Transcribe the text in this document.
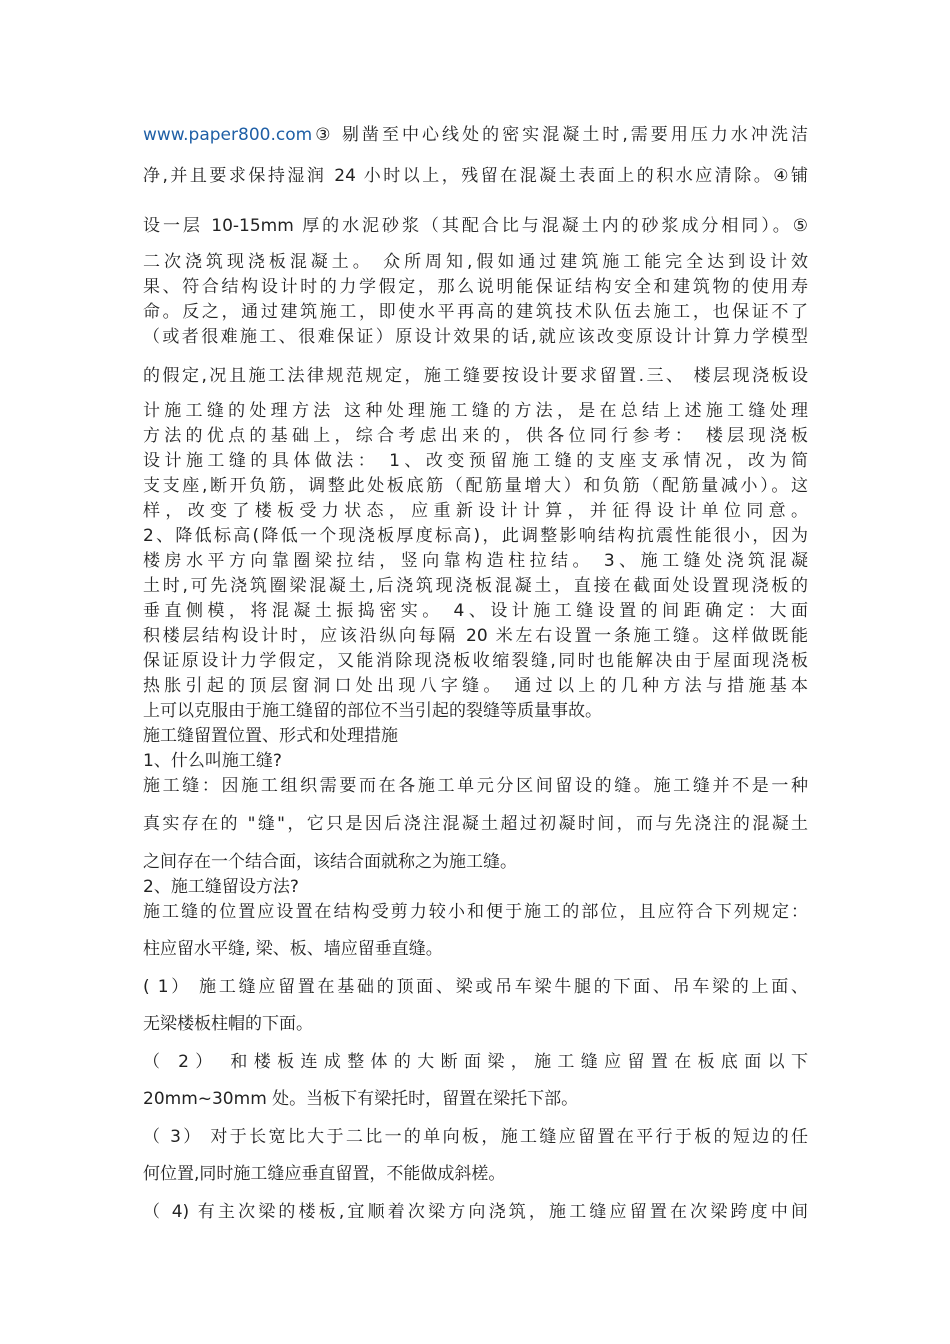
www.paper800.com③ 剔凿至中心线处的密实混凝土时,需要用压力水冲洗洁
净,并且要求保持湿润 24 小时以上，残留在混凝土表面上的积水应清除。④铺
设一层 10-15mm 厚的水泥砂浆（其配合比与混凝土内的砂浆成分相同）。⑤
二次浇筑现浇板混凝土。 众所周知,假如通过建筑施工能完全达到设计效
果、符合结构设计时的力学假定，那么说明能保证结构安全和建筑物的使用寿
命。反之，通过建筑施工，即使水平再高的建筑技术队伍去施工，也保证不了
（或者很难施工、很难保证）原设计效果的话,就应该改变原设计计算力学模型
的假定,况且施工法律规范规定，施工缝要按设计要求留置.三、 楼层现浇板设
计施工缝的处理方法 这种处理施工缝的方法，是在总结上述施工缝处理
方法的优点的基础上，综合考虑出来的，供各位同行参考： 楼层现浇板
设计施工缝的具体做法： 1、改变预留施工缝的支座支承情况，改为简
支支座,断开负筋，调整此处板底筋（配筋量增大）和负筋（配筋量减小）。这
样，改变了楼板受力状态，应重新设计计算，并征得设计单位同意。
2、降低标高(降低一个现浇板厚度标高)，此调整影响结构抗震性能很小，因为
楼房水平方向靠圈梁拉结，竖向靠构造柱拉结。 3、施工缝处浇筑混凝
土时,可先浇筑圈梁混凝土,后浇筑现浇板混凝土，直接在截面处设置现浇板的
垂直侧模，将混凝土振捣密实。 4、设计施工缝设置的间距确定：大面
积楼层结构设计时，应该沿纵向每隔 20 米左右设置一条施工缝。这样做既能
保证原设计力学假定，又能消除现浇板收缩裂缝,同时也能解决由于屋面现浇板
热胀引起的顶层窗洞口处出现八字缝。 通过以上的几种方法与措施基本
上可以克服由于施工缝留的部位不当引起的裂缝等质量事故。
施工缝留置位置、形式和处理措施
1、什么叫施工缝?
施工缝：因施工组织需要而在各施工单元分区间留设的缝。施工缝并不是一种
真实存在的 "缝"，它只是因后浇注混凝土超过初凝时间，而与先浇注的混凝土
之间存在一个结合面，该结合面就称之为施工缝。
2、施工缝留设方法?
施工缝的位置应设置在结构受剪力较小和便于施工的部位，且应符合下列规定：
柱应留水平缝, 梁、板、墙应留垂直缝。
( 1） 施工缝应留置在基础的顶面、梁或吊车梁牛腿的下面、吊车梁的上面、
无梁楼板柱帽的下面。
（ 2） 和楼板连成整体的大断面梁，施工缝应留置在板底面以下
20mm~30mm 处。当板下有梁托时，留置在梁托下部。
（ 3） 对于长宽比大于二比一的单向板，施工缝应留置在平行于板的短边的任
何位置,同时施工缝应垂直留置，不能做成斜槎。
（ 4) 有主次梁的楼板,宜顺着次梁方向浇筑，施工缝应留置在次梁跨度中间
